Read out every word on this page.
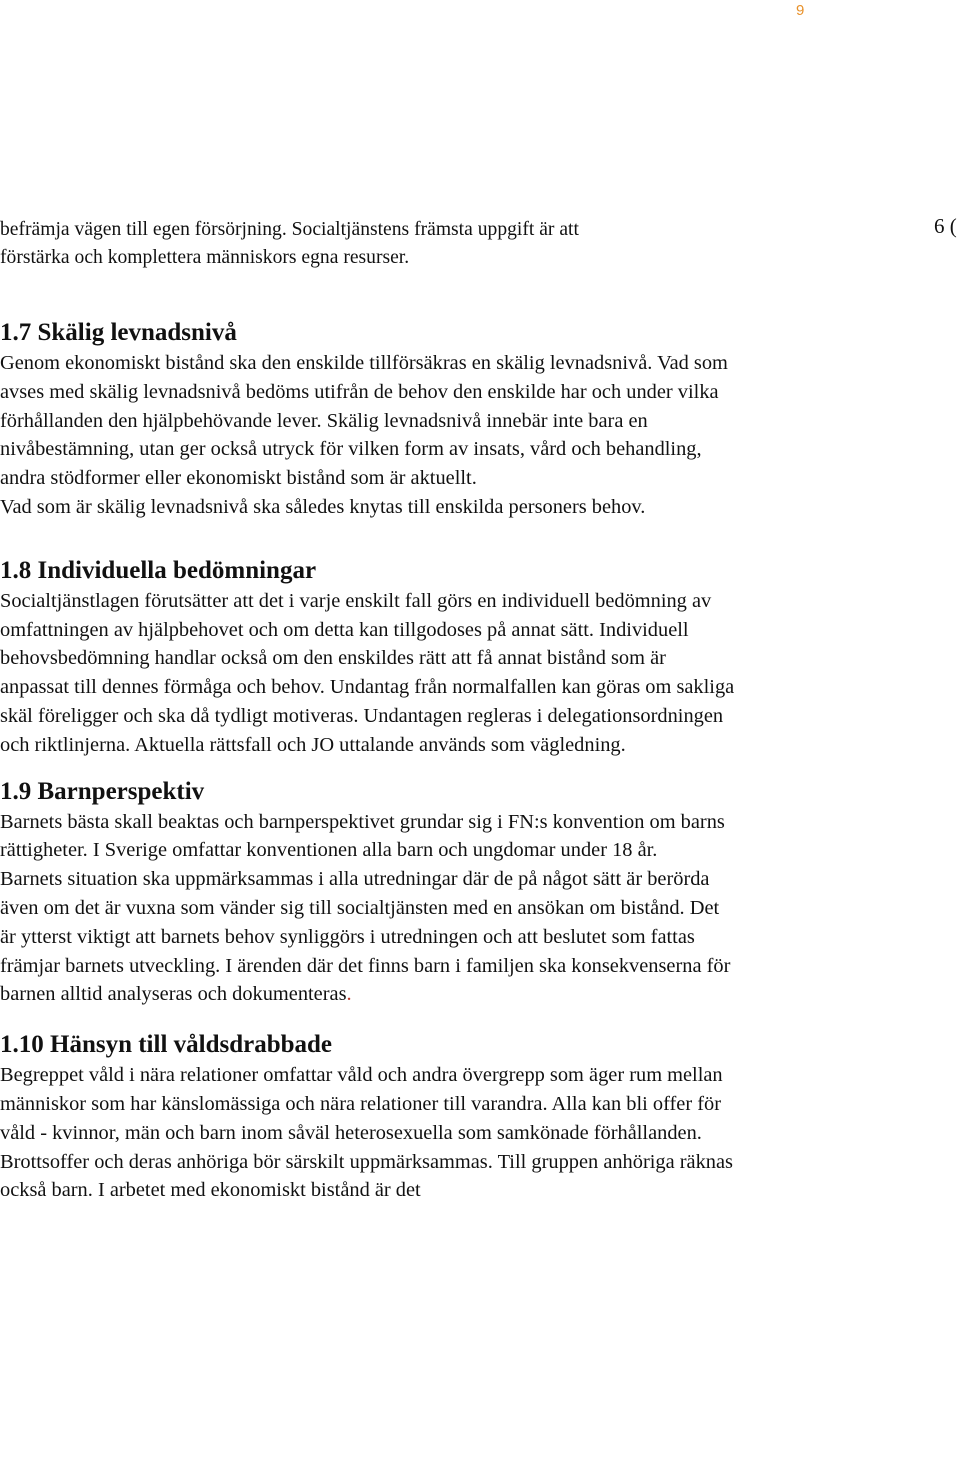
9
6 (
befrämja vägen till egen försörjning. Socialtjänstens främsta uppgift är att
förstärka och komplettera människors egna resurser.
1.7 Skälig levnadsnivå

Genom ekonomiskt bistånd ska den enskilde tillförsäkras en skälig levnadsnivå. Vad som avses med skälig levnadsnivå bedöms utifrån de behov den enskilde har och under vilka förhållanden den hjälpbehövande lever. Skälig levnadsnivå innebär inte bara en nivåbestämning, utan ger också utryck för vilken form av insats, vård och behandling, andra stödformer eller ekonomiskt bistånd som är aktuellt.

Vad som är skälig levnadsnivå ska således knytas till enskilda personers behov.

1.8 Individuella bedömningar

Socialtjänstlagen förutsätter att det i varje enskilt fall görs en individuell bedömning av omfattningen av hjälpbehovet och om detta kan tillgodoses på annat sätt. Individuell behovsbedömning handlar också om den enskildes rätt att få annat bistånd som är anpassat till dennes förmåga och behov. Undantag från normalfallen kan göras om sakliga skäl föreligger och ska då tydligt motiveras. Undantagen regleras i delegationsordningen och riktlinjerna. Aktuella rättsfall och JO uttalande används som vägledning.

1.9 Barnperspektiv

Barnets bästa skall beaktas och barnperspektivet grundar sig i FN:s konvention om barns rättigheter. I Sverige omfattar konventionen alla barn och ungdomar under 18 år.

Barnets situation ska uppmärksammas i alla utredningar där de på något sätt är berörda även om det är vuxna som vänder sig till socialtjänsten med en ansökan om bistånd. Det är ytterst viktigt att barnets behov synliggörs i utredningen och att beslutet som fattas främjar barnets utveckling. I ärenden där det finns barn i familjen ska konsekvenserna för barnen alltid analyseras och dokumenteras.

1.10 Hänsyn till våldsdrabbade

Begreppet våld i nära relationer omfattar våld och andra övergrepp som äger rum mellan människor som har känslomässiga och nära relationer till varandra. Alla kan bli offer för våld - kvinnor, män och barn inom såväl heterosexuella som samkönade förhållanden.

Brottsoffer och deras anhöriga bör särskilt uppmärksammas. Till gruppen anhöriga räknas också barn. I arbetet med ekonomiskt bistånd är det
